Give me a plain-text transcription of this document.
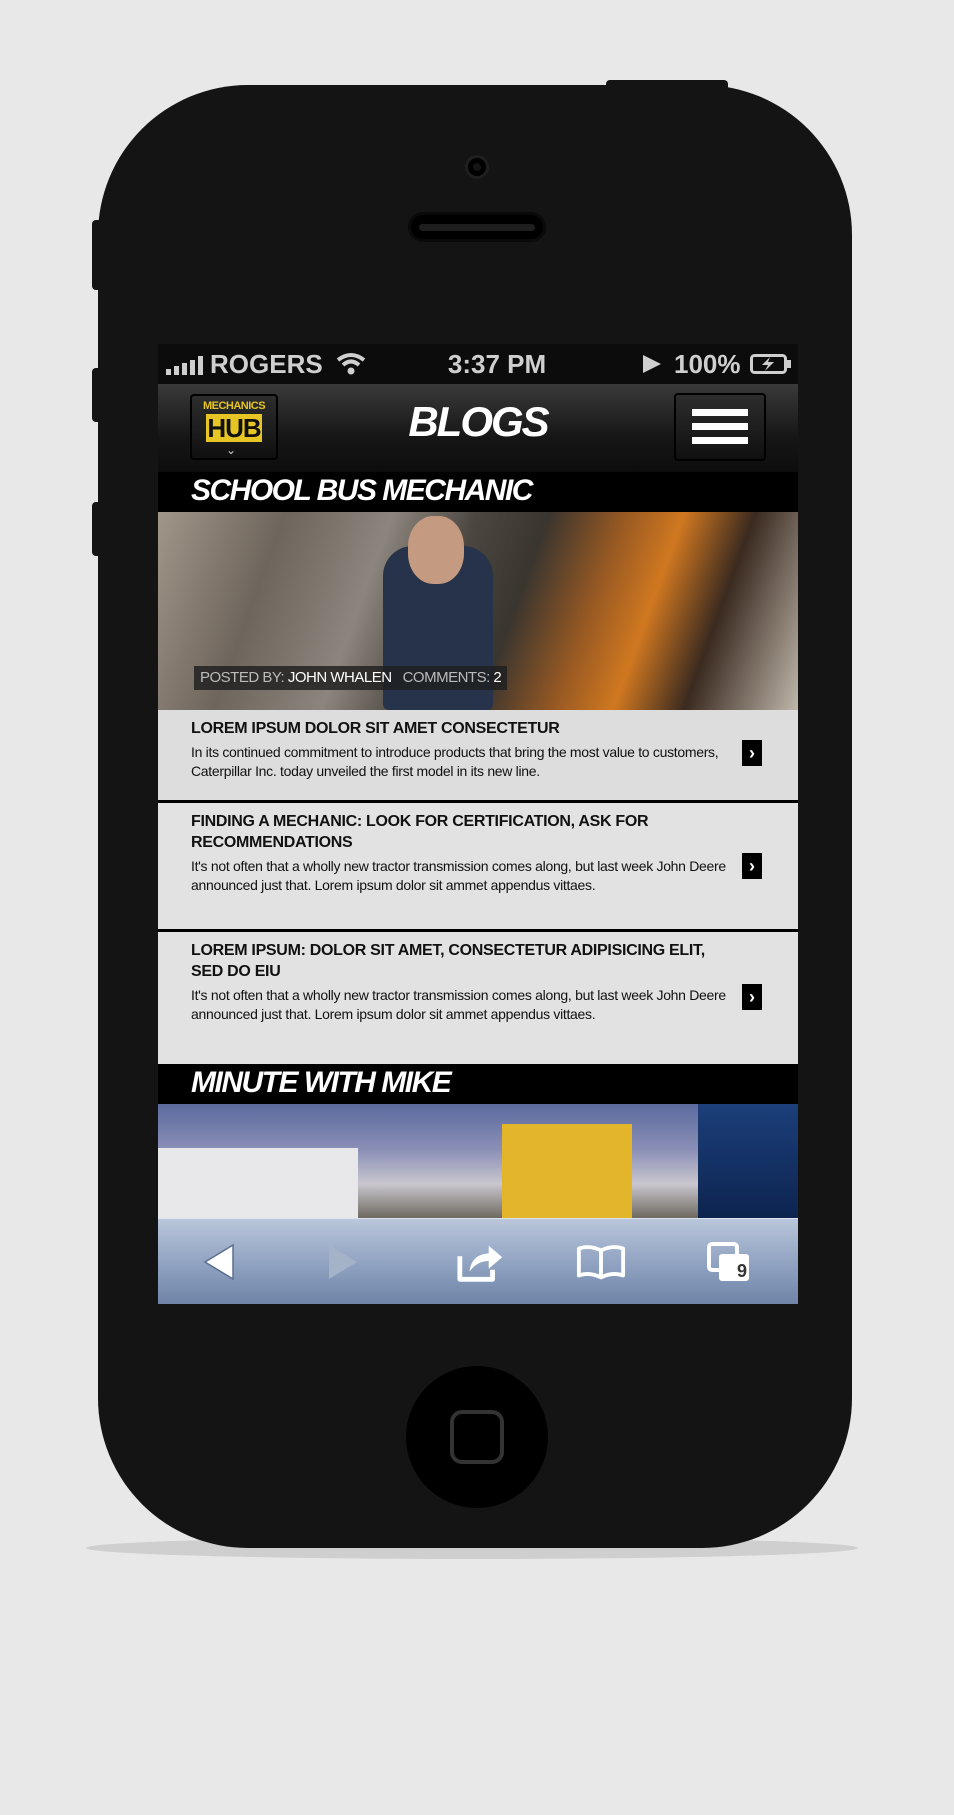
ROGERS	3:37 PM	100%
MECHANICS
HUB
⌄
BLOGS
SCHOOL BUS MECHANIC
POSTED BY: JOHN WHALEN COMMENTS: 2
LOREM IPSUM DOLOR SIT AMET CONSECTETUR

In its continued commitment to introduce products that bring the most value to customers, Caterpillar Inc. today unveiled the first model in its new line.

›
FINDING A MECHANIC: LOOK FOR CERTIFICATION, ASK FOR RECOMMENDATIONS

It's not often that a wholly new tractor transmission comes along, but last week John Deere announced just that. Lorem ipsum dolor sit ammet appendus vittaes.

›
LOREM IPSUM: DOLOR SIT AMET, CONSECTETUR ADIPISICING ELIT, SED DO EIU

It's not often that a wholly new tractor transmission comes along, but last week John Deere announced just that. Lorem ipsum dolor sit ammet appendus vittaes.

›
MINUTE WITH MIKE
9
